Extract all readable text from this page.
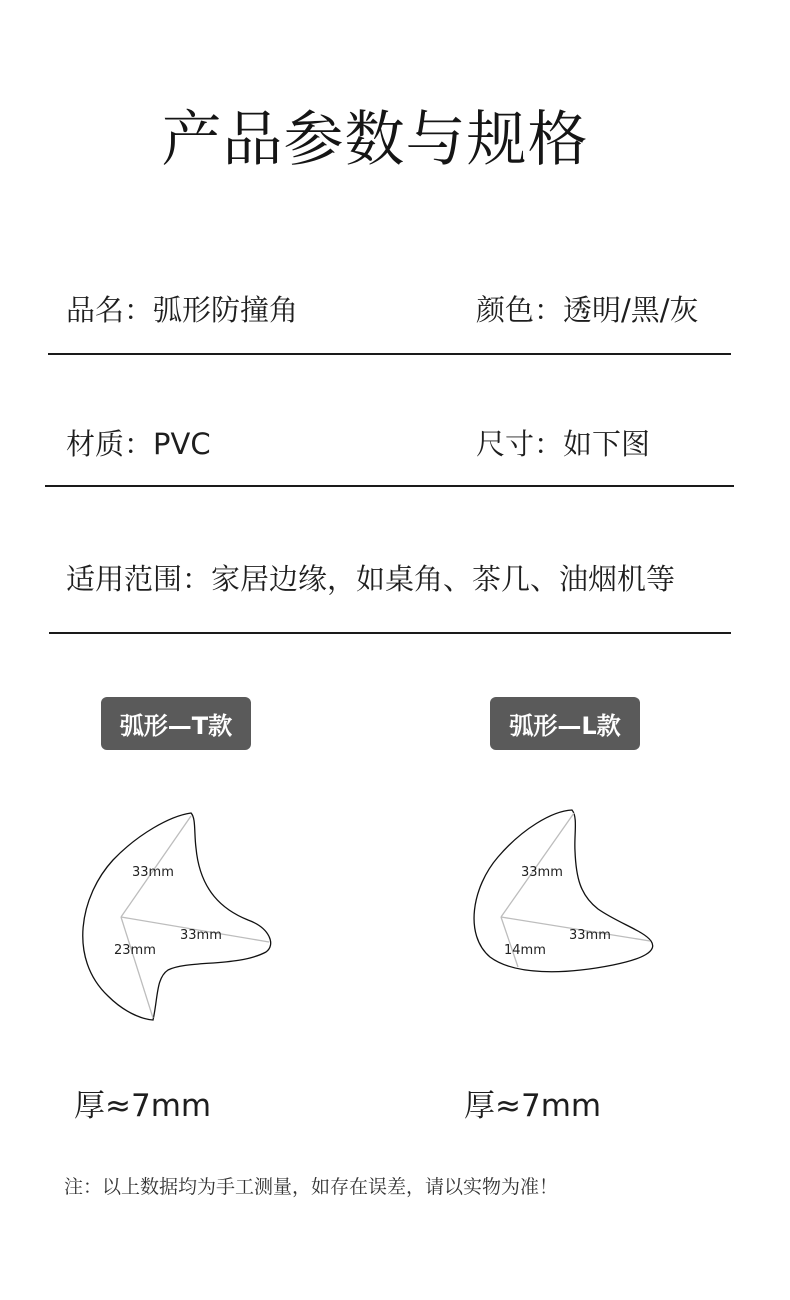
产品参数与规格
品名：弧形防撞角	颜色：透明/黑/灰
材质：PVC	尺寸：如下图
适用范围：家居边缘，如桌角、茶几、油烟机等
弧形—T款	弧形—L款
33mm
33mm
23mm
33mm
33mm
14mm
厚≈7mm	厚≈7mm
注：以上数据均为手工测量，如存在误差，请以实物为准！
